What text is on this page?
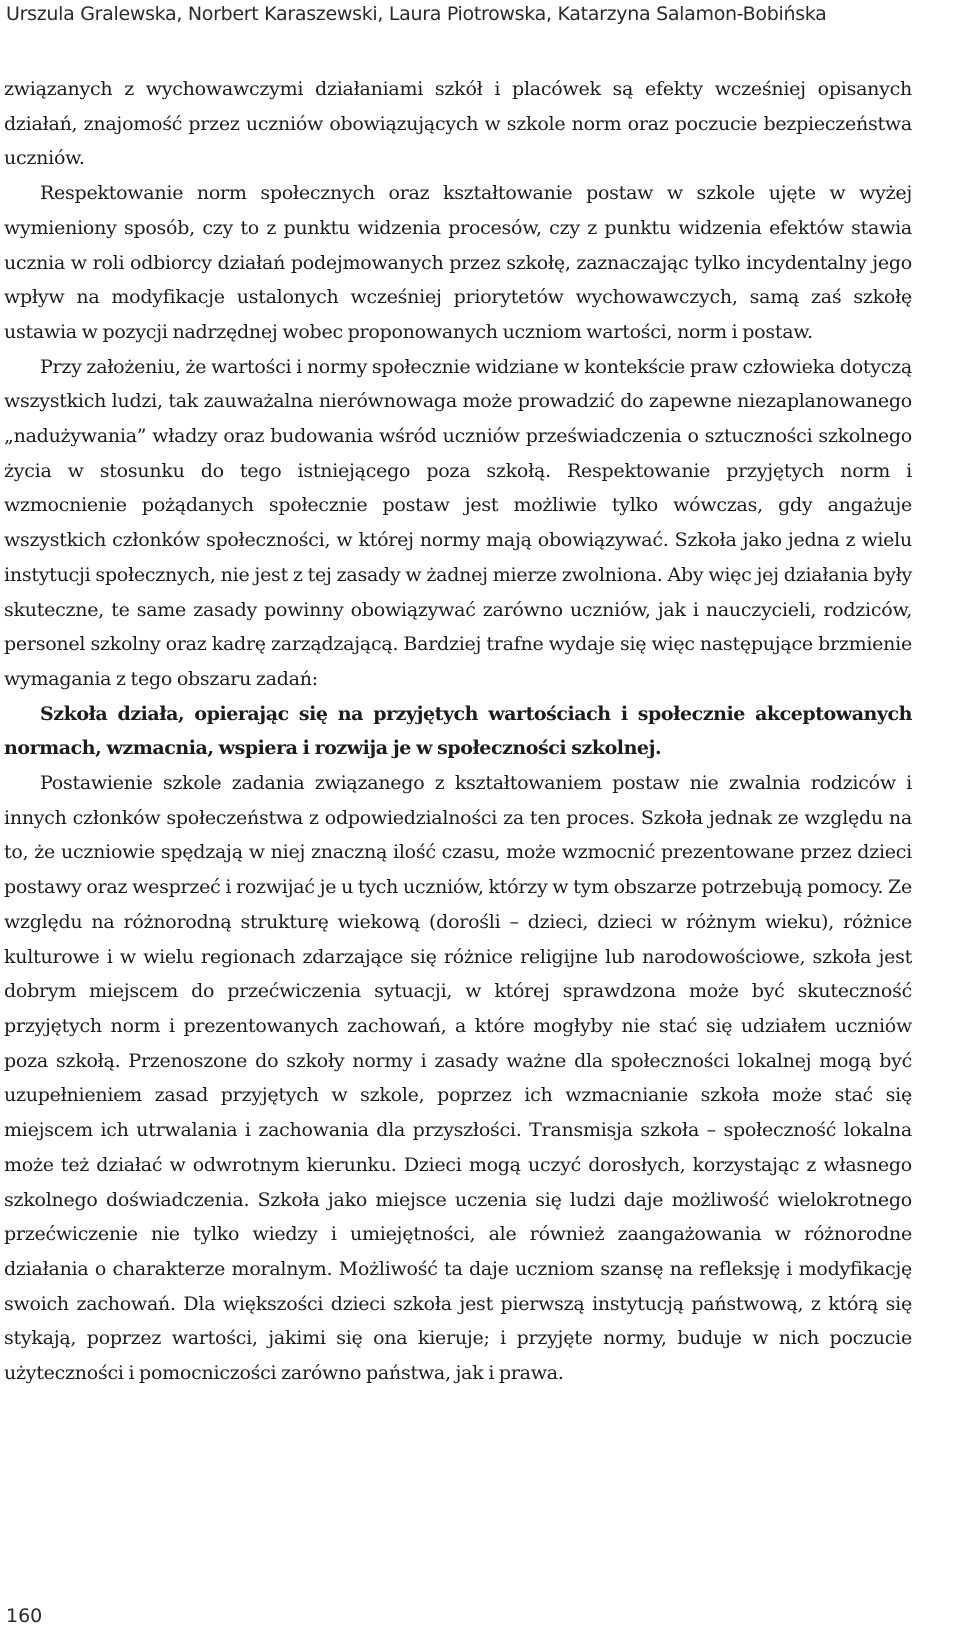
Urszula Gralewska, Norbert Karaszewski, Laura Piotrowska, Katarzyna Salamon-Bobińska

związanych z wychowawczymi działaniami szkół i placówek są efekty wcześniej opisanych działań, znajomość przez uczniów obowiązujących w szkole norm oraz poczucie bezpieczeństwa uczniów.

Respektowanie norm społecznych oraz kształtowanie postaw w szkole ujęte w wyżej wymieniony sposób, czy to z punktu widzenia procesów, czy z punktu widzenia efektów stawia ucznia w roli odbiorcy działań podejmowanych przez szkołę, zaznaczając tylko incydentalny jego wpływ na modyfikacje ustalonych wcześniej priorytetów wychowawczych, samą zaś szkołę ustawia w pozycji nadrzędnej wobec proponowanych uczniom wartości, norm i postaw.

Przy założeniu, że wartości i normy społecznie widziane w kontekście praw człowieka dotyczą wszystkich ludzi, tak zauważalna nierównowaga może prowadzić do zapewne niezaplanowanego „nadużywania” władzy oraz budowania wśród uczniów przeświadczenia o sztuczności szkolnego życia w stosunku do tego istniejącego poza szkołą. Respektowanie przyjętych norm i wzmocnienie pożądanych społecznie postaw jest możliwie tylko wówczas, gdy angażuje wszystkich członków społeczności, w której normy mają obowiązywać. Szkoła jako jedna z wielu instytucji społecznych, nie jest z tej zasady w żadnej mierze zwolniona. Aby więc jej działania były skuteczne, te same zasady powinny obowiązywać zarówno uczniów, jak i nauczycieli, rodziców, personel szkolny oraz kadrę zarządzającą. Bardziej trafne wydaje się więc następujące brzmienie wymagania z tego obszaru zadań:

Szkoła działa, opierając się na przyjętych wartościach i społecznie akceptowanych normach, wzmacnia, wspiera i rozwija je w społeczności szkolnej.

Postawienie szkole zadania związanego z kształtowaniem postaw nie zwalnia rodziców i innych członków społeczeństwa z odpowiedzialności za ten proces. Szkoła jednak ze względu na to, że uczniowie spędzają w niej znaczną ilość czasu, może wzmocnić prezentowane przez dzieci postawy oraz wesprzeć i rozwijać je u tych uczniów, którzy w tym obszarze potrzebują pomocy. Ze względu na różnorodną strukturę wiekową (dorośli – dzieci, dzieci w różnym wieku), różnice kulturowe i w wielu regionach zdarzające się różnice religijne lub narodowościowe, szkoła jest dobrym miejscem do przećwiczenia sytuacji, w której sprawdzona może być skuteczność przyjętych norm i prezentowanych zachowań, a które mogłyby nie stać się udziałem uczniów poza szkołą. Przenoszone do szkoły normy i zasady ważne dla społeczności lokalnej mogą być uzupełnieniem zasad przyjętych w szkole, poprzez ich wzmacnianie szkoła może stać się miejscem ich utrwalania i zachowania dla przyszłości. Transmisja szkoła – społeczność lokalna może też działać w odwrotnym kierunku. Dzieci mogą uczyć dorosłych, korzystając z własnego szkolnego doświadczenia. Szkoła jako miejsce uczenia się ludzi daje możliwość wielokrotnego przećwiczenie nie tylko wiedzy i umiejętności, ale również zaangażowania w różnorodne działania o charakterze moralnym. Możliwość ta daje uczniom szansę na refleksję i modyfikację swoich zachowań. Dla większości dzieci szkoła jest pierwszą instytucją państwową, z którą się stykają, poprzez wartości, jakimi się ona kieruje; i przyjęte normy, buduje w nich poczucie użyteczności i pomocniczości zarówno państwa, jak i prawa.

160
